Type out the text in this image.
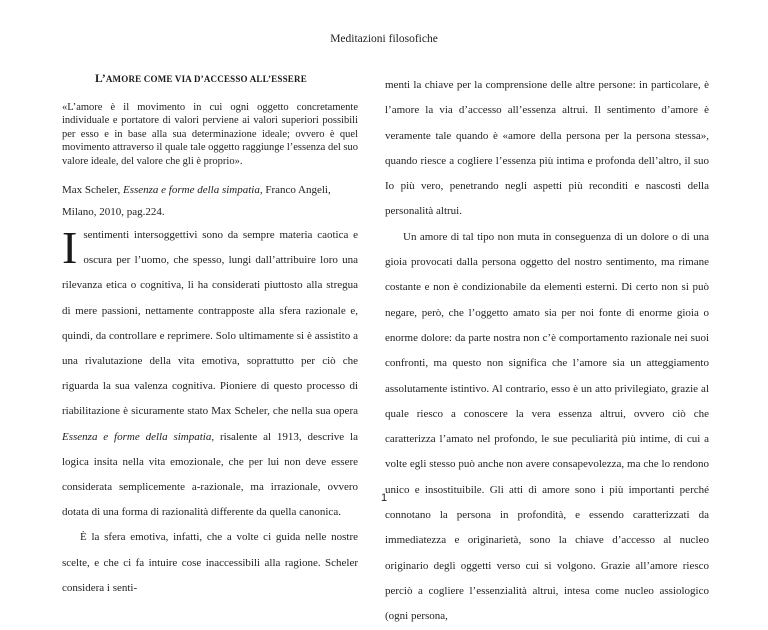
Meditazioni filosofiche
L’AMORE COME VIA D’ACCESSO ALL’ESSERE
«L’amore è il movimento in cui ogni oggetto concretamente individuale e portatore di valori perviene ai valori superiori possibili per esso e in base alla sua determinazione ideale; ovvero è quel movimento attraverso il quale tale oggetto raggiunge l’essenza del suo valore ideale, del valore che gli è proprio».
Max Scheler, Essenza e forme della simpatia, Franco Angeli, Milano, 2010, pag.224.

Isentimenti intersoggettivi sono da sempre materia caotica e oscura per l’uomo, che spesso, lungi dall’attribuire loro una rilevanza etica o cognitiva, li ha considerati piuttosto alla stregua di mere passioni, nettamente contrapposte alla sfera razionale e, quindi, da controllare e reprimere. Solo ultimamente si è assistito a una rivalutazione della vita emotiva, soprattutto per ciò che riguarda la sua valenza cognitiva. Pioniere di questo processo di riabilitazione è sicuramente stato Max Scheler, che nella sua opera Essenza e forme della simpatia, risalente al 1913, descrive la logica insita nella vita emozionale, che per lui non deve essere considerata semplicemente a-razionale, ma irrazionale, ovvero dotata di una forma di razionalità differente da quella canonica.

È la sfera emotiva, infatti, che a volte ci guida nelle nostre scelte, e che ci fa intuire cose inaccessibili alla ragione. Scheler considera i senti-

menti la chiave per la comprensione delle altre persone: in particolare, è l’amore la via d’accesso all’essenza altrui. Il sentimento d’amore è veramente tale quando è «amore della persona per la persona stessa», quando riesce a cogliere l’essenza più intima e profonda dell’altro, il suo Io più vero, penetrando negli aspetti più reconditi e nascosti della personalità altrui.

Un amore di tal tipo non muta in conseguenza di un dolore o di una gioia provocati dalla persona oggetto del nostro sentimento, ma rimane costante e non è condizionabile da elementi esterni. Di certo non si può negare, però, che l’oggetto amato sia per noi fonte di enorme gioia o enorme dolore: da parte nostra non c’è comportamento razionale nei suoi confronti, ma questo non significa che l’amore sia un atteggiamento assolutamente istintivo. Al contrario, esso è un atto privilegiato, grazie al quale riesco a conoscere la vera essenza altrui, ovvero ciò che caratterizza l’amato nel profondo, le sue peculiarità più intime, di cui a volte egli stesso può anche non avere consapevolezza, ma che lo rendono unico e insostituibile. Gli atti di amore sono i più importanti perché connotano la persona in profondità, e essendo caratterizzati da immediatezza e originarietà, sono la chiave d’accesso al nucleo originario degli oggetti verso cui si volgono. Grazie all’amore riesco perciò a cogliere l’essenzialità altrui, intesa come nucleo assiologico (ogni persona,

1
